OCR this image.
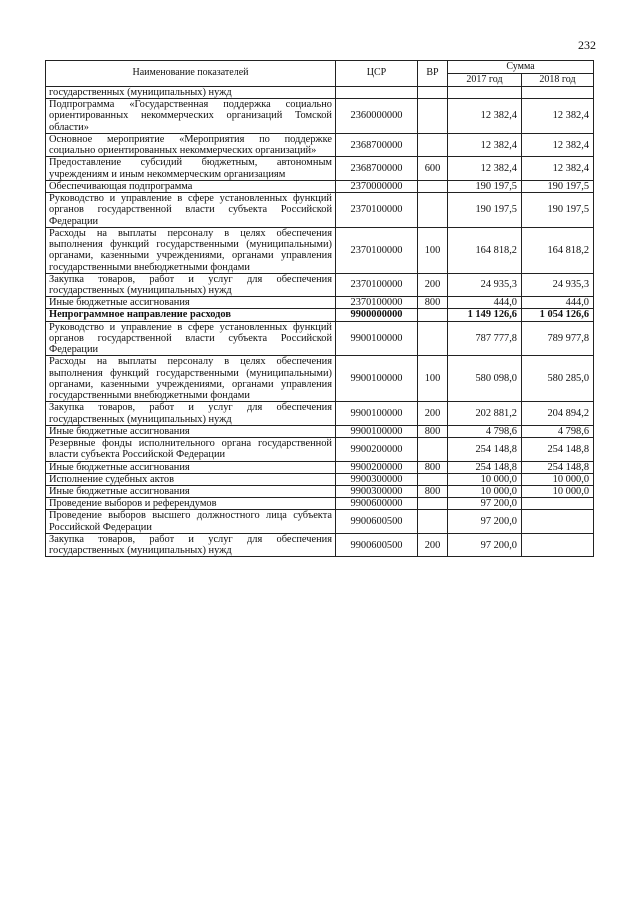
232
Наименование показателей	ЦСР	ВР	Сумма	
			2017 год	2018 год
государственных (муниципальных) нужд				
Подпрограмма «Государственная поддержка социально ориентированных некоммерческих организаций Томской области»	2360000000		12 382,4	12 382,4
Основное мероприятие «Мероприятия по поддержке социально ориентированных некоммерческих организаций»	2368700000		12 382,4	12 382,4
Предоставление субсидий бюджетным, автономным учреждениям и иным некоммерческим организациям	2368700000	600	12 382,4	12 382,4
Обеспечивающая подпрограмма	2370000000		190 197,5	190 197,5
Руководство и управление в сфере установленных функций органов государственной власти субъекта Российской Федерации	2370100000		190 197,5	190 197,5
Расходы на выплаты персоналу в целях обеспечения выполнения функций государственными (муниципальными) органами, казенными учреждениями, органами управления государственными внебюджетными фондами	2370100000	100	164 818,2	164 818,2
Закупка товаров, работ и услуг для обеспечения государственных (муниципальных) нужд	2370100000	200	24 935,3	24 935,3
Иные бюджетные ассигнования	2370100000	800	444,0	444,0
Непрограммное направление расходов	9900000000		1 149 126,6	1 054 126,6
Руководство и управление в сфере установленных функций органов государственной власти субъекта Российской Федерации	9900100000		787 777,8	789 977,8
Расходы на выплаты персоналу в целях обеспечения выполнения функций государственными (муниципальными) органами, казенными учреждениями, органами управления государственными внебюджетными фондами	9900100000	100	580 098,0	580 285,0
Закупка товаров, работ и услуг для обеспечения государственных (муниципальных) нужд	9900100000	200	202 881,2	204 894,2
Иные бюджетные ассигнования	9900100000	800	4 798,6	4 798,6
Резервные фонды исполнительного органа государственной власти субъекта Российской Федерации	9900200000		254 148,8	254 148,8
Иные бюджетные ассигнования	9900200000	800	254 148,8	254 148,8
Исполнение судебных актов	9900300000		10 000,0	10 000,0
Иные бюджетные ассигнования	9900300000	800	10 000,0	10 000,0
Проведение выборов и референдумов	9900600000		97 200,0	
Проведение выборов высшего должностного лица субъекта Российской Федерации	9900600500		97 200,0	
Закупка товаров, работ и услуг для обеспечения государственных (муниципальных) нужд	9900600500	200	97 200,0	
